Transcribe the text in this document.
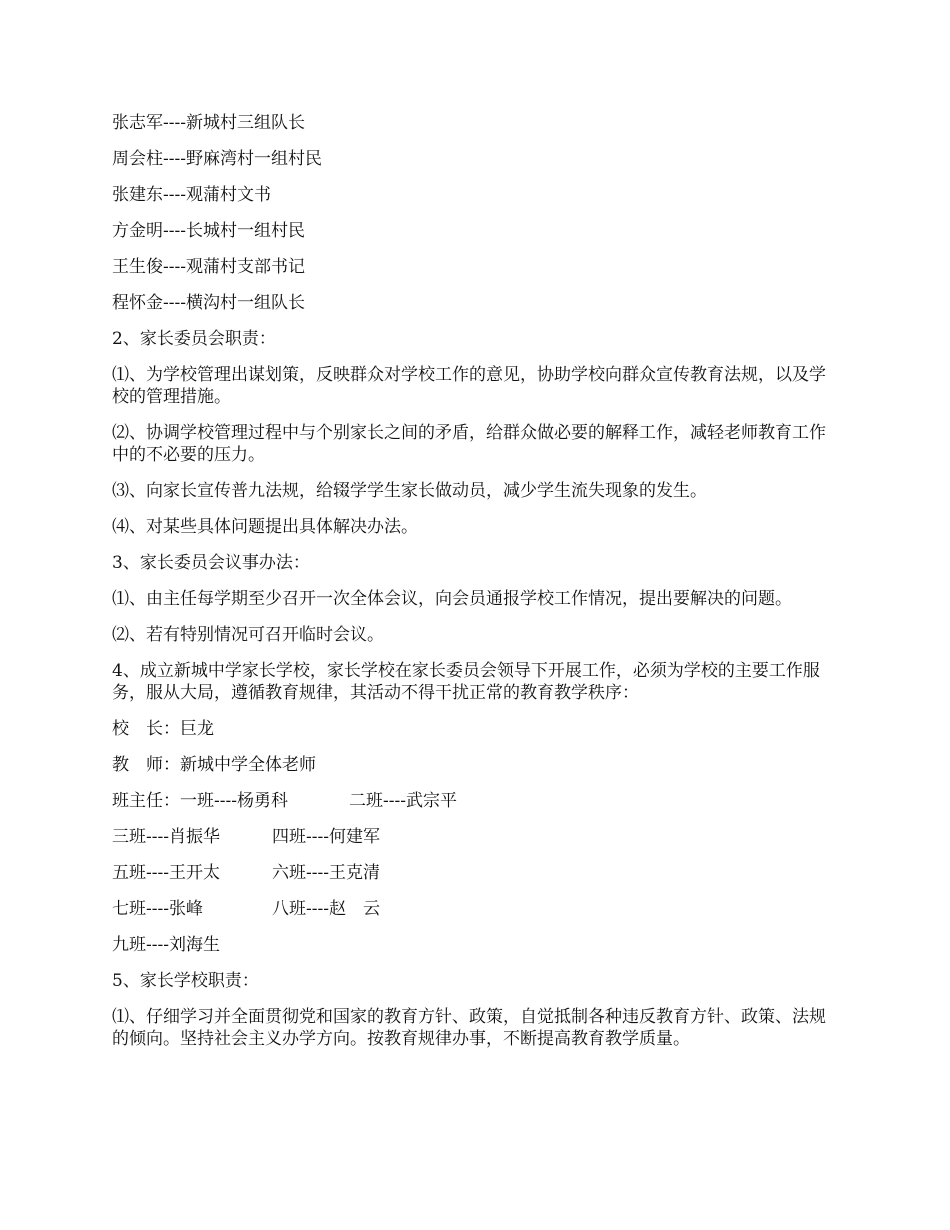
张志军----新城村三组队长

周会柱----野麻湾村一组村民

张建东----观蒲村文书

方金明----长城村一组村民

王生俊----观蒲村支部书记

程怀金----横沟村一组队长

2、家长委员会职责：

⑴、为学校管理出谋划策，反映群众对学校工作的意见，协助学校向群众宣传教育法规，以及学校的管理措施。

⑵、协调学校管理过程中与个别家长之间的矛盾，给群众做必要的解释工作，减轻老师教育工作中的不必要的压力。

⑶、向家长宣传普九法规，给辍学学生家长做动员，减少学生流失现象的发生。

⑷、对某些具体问题提出具体解决办法。

3、家长委员会议事办法：

⑴、由主任每学期至少召开一次全体会议，向会员通报学校工作情况，提出要解决的问题。

⑵、若有特别情况可召开临时会议。

4、成立新城中学家长学校，家长学校在家长委员会领导下开展工作，必须为学校的主要工作服务，服从大局，遵循教育规律，其活动不得干扰正常的教育教学秩序：

校　长：巨龙

教　师：新城中学全体老师

班主任：一班----杨勇科	二班----武宗平
三班----肖振华	四班----何建军
五班----王开太	六班----王克清
七班----张峰	八班----赵　云

九班----刘海生

5、家长学校职责：

⑴、仔细学习并全面贯彻党和国家的教育方针、政策，自觉抵制各种违反教育方针、政策、法规的倾向。坚持社会主义办学方向。按教育规律办事，不断提高教育教学质量。
